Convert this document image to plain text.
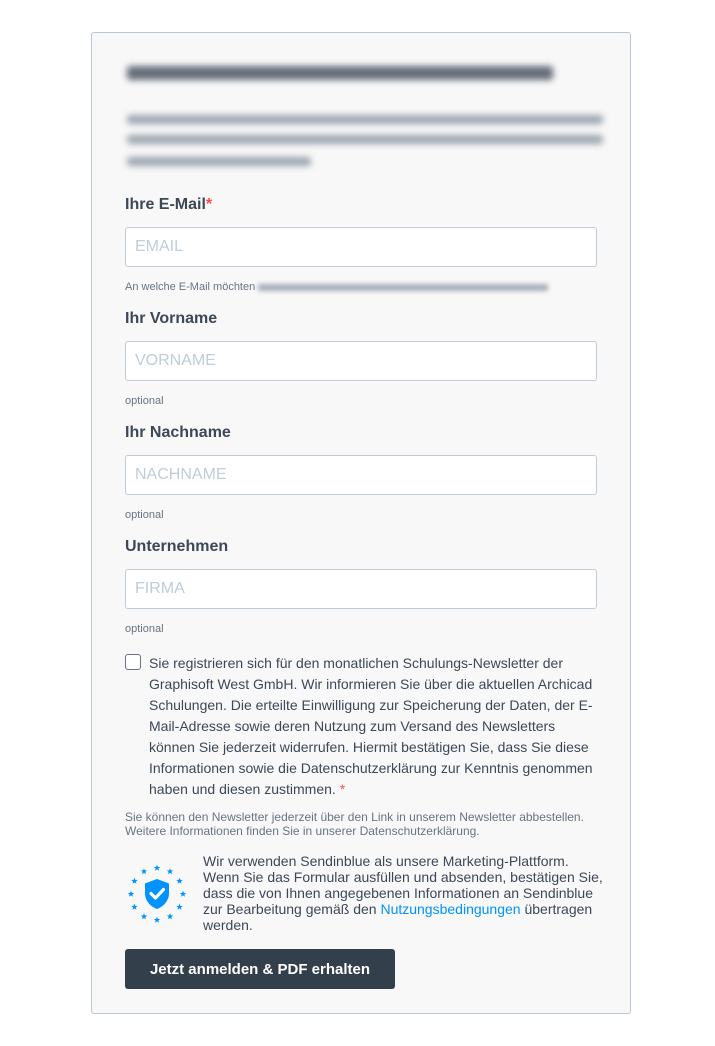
Ihre E-Mail*
EMAIL
An welche E-Mail möchten
Ihr Vorname
VORNAME
optional
Ihr Nachname
NACHNAME
optional
Unternehmen
FIRMA
optional
Sie registrieren sich für den monatlichen Schulungs-Newsletter der Graphisoft West GmbH. Wir informieren Sie über die aktuellen Archicad Schulungen. Die erteilte Einwilligung zur Speicherung der Daten, der E-Mail-Adresse sowie deren Nutzung zum Versand des Newsletters können Sie jederzeit widerrufen. Hiermit bestätigen Sie, dass Sie diese Informationen sowie die Datenschutzerklärung zur Kenntnis genommen haben und diesen zustimmen. *
Sie können den Newsletter jederzeit über den Link in unserem Newsletter abbestellen.
Weitere Informationen finden Sie in unserer Datenschutzerklärung.
Wir verwenden Sendinblue als unsere Marketing-Plattform. Wenn Sie das Formular ausfüllen und absenden, bestätigen Sie, dass die von Ihnen angegebenen Informationen an Sendinblue zur Bearbeitung gemäß den Nutzungsbedingungen übertragen werden.
Jetzt anmelden & PDF erhalten
